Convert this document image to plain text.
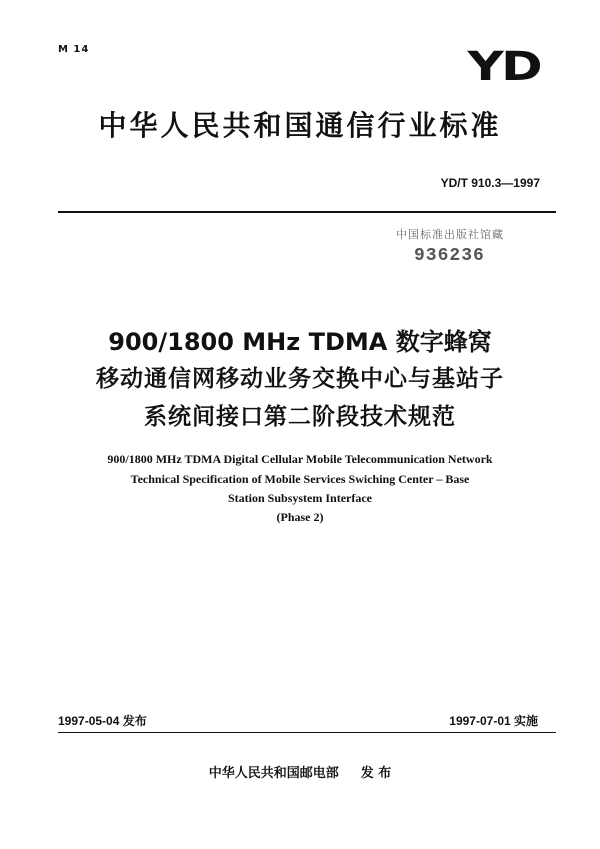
M 14	YD
中华人民共和国通信行业标准
YD/T 910.3—1997
中国标准出版社馆藏
936236
900/1800 MHz TDMA 数字蜂窝
移动通信网移动业务交换中心与基站子
系统间接口第二阶段技术规范
900/1800 MHz TDMA Digital Cellular Mobile Telecommunication Network
Technical Specification of Mobile Services Swiching Center – Base
Station Subsystem Interface
(Phase 2)
1997-05-04 发布	1997-07-01 实施
中华人民共和国邮电部 发 布
